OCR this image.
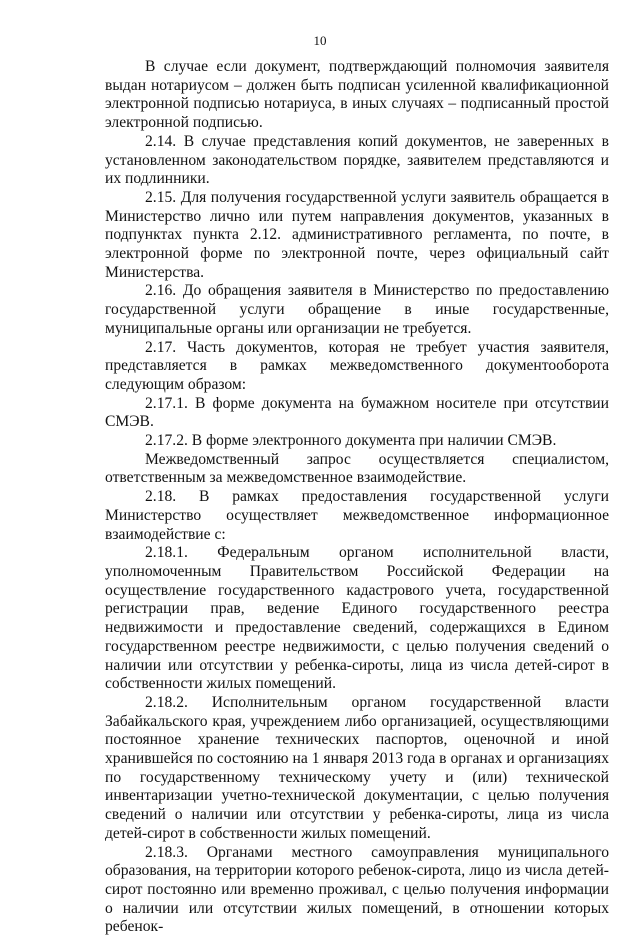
10

В случае если документ, подтверждающий полномочия заявителя выдан нотариусом – должен быть подписан усиленной квалификационной электронной подписью нотариуса, в иных случаях – подписанный простой электронной подписью.

2.14. В случае представления копий документов, не заверенных в установленном законодательством порядке, заявителем представляются и их подлинники.

2.15. Для получения государственной услуги заявитель обращается в Министерство лично или путем направления документов, указанных в подпунктах пункта 2.12. административного регламента, по почте, в электронной форме по электронной почте, через официальный сайт Министерства.

2.16. До обращения заявителя в Министерство по предоставлению государственной услуги обращение в иные государственные, муниципальные органы или организации не требуется.

2.17. Часть документов, которая не требует участия заявителя, представляется в рамках межведомственного документооборота следующим образом:

2.17.1. В форме документа на бумажном носителе при отсутствии СМЭВ.

2.17.2. В форме электронного документа при наличии СМЭВ.

Межведомственный запрос осуществляется специалистом, ответственным за межведомственное взаимодействие.

2.18. В рамках предоставления государственной услуги Министерство осуществляет межведомственное информационное взаимодействие с:

2.18.1. Федеральным органом исполнительной власти, уполномоченным Правительством Российской Федерации на осуществление государственного кадастрового учета, государственной регистрации прав, ведение Единого государственного реестра недвижимости и предоставление сведений, содержащихся в Едином государственном реестре недвижимости, с целью получения сведений о наличии или отсутствии у ребенка-сироты, лица из числа детей-сирот в собственности жилых помещений.

2.18.2. Исполнительным органом государственной власти Забайкальского края, учреждением либо организацией, осуществляющими постоянное хранение технических паспортов, оценочной и иной хранившейся по состоянию на 1 января 2013 года в органах и организациях по государственному техническому учету и (или) технической инвентаризации учетно-технической документации, с целью получения сведений о наличии или отсутствии у ребенка-сироты, лица из числа детей-сирот в собственности жилых помещений.

2.18.3. Органами местного самоуправления муниципального образования, на территории которого ребенок-сирота, лицо из числа детей-сирот постоянно или временно проживал, с целью получения информации о наличии или отсутствии жилых помещений, в отношении которых ребенок-
